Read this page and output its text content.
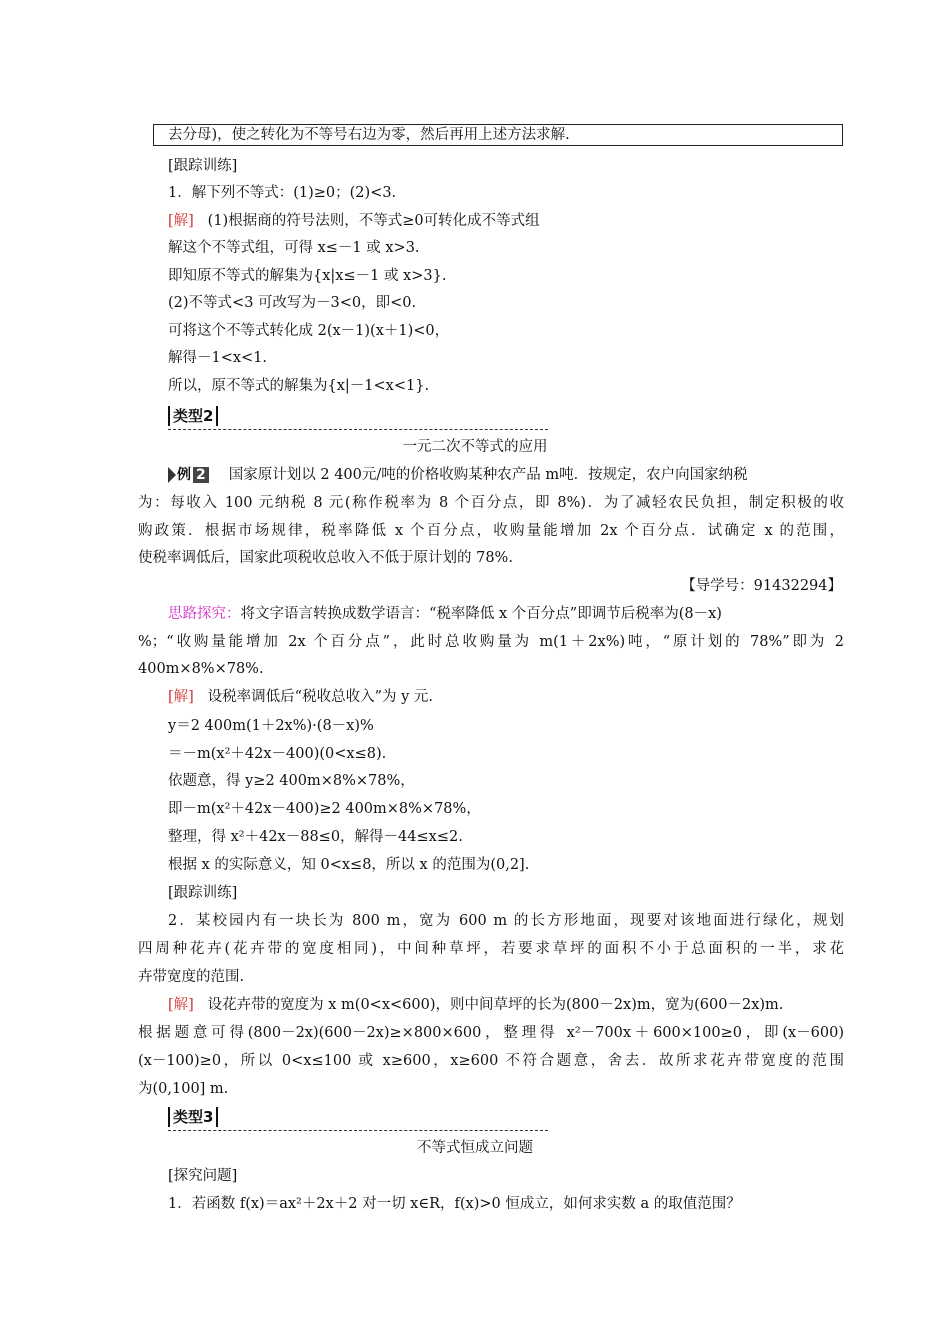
去分母)，使之转化为不等号右边为零，然后再用上述方法求解.
[跟踪训练]
1．解下列不等式：(1)≥0；(2)<3.
[解] (1)根据商的符号法则，不等式≥0可转化成不等式组
解这个不等式组，可得 x≤－1 或 x>3.
即知原不等式的解集为{x|x≤－1 或 x>3}.
(2)不等式<3 可改写为－3<0，即<0.
可将这个不等式转化成 2(x－1)(x＋1)<0，
解得－1<x<1.
所以，原不等式的解集为{x|－1<x<1}.
类型2
一元二次不等式的应用
例 2 国家原计划以 2 400元/吨的价格收购某种农产品 m吨．按规定，农户向国家纳税
为：每收入 100 元纳税 8 元(称作税率为 8 个百分点，即 8%)．为了减轻农民负担，制定积极的收
购政策．根据市场规律，税率降低 x 个百分点，收购量能增加 2x 个百分点．试确定 x 的范围，
使税率调低后，国家此项税收总收入不低于原计划的 78%.
【导学号：91432294】
思路探究：将文字语言转换成数学语言：“税率降低 x 个百分点”即调节后税率为(8－x)
%；“收购量能增加 2x 个百分点”，此时总收购量为 m(1＋2x%)吨，“原计划的 78%”即为 2
400m×8%×78%.
[解] 设税率调低后“税收总收入”为 y 元.
y＝2 400m(1＋2x%)·(8－x)%
＝－m(x²＋42x－400)(0<x≤8).
依题意，得 y≥2 400m×8%×78%，
即－m(x²＋42x－400)≥2 400m×8%×78%，
整理，得 x²＋42x－88≤0，解得－44≤x≤2.
根据 x 的实际意义，知 0<x≤8，所以 x 的范围为(0,2].
[跟踪训练]
2．某校园内有一块长为 800 m，宽为 600 m 的长方形地面，现要对该地面进行绿化，规划
四周种花卉(花卉带的宽度相同)，中间种草坪，若要求草坪的面积不小于总面积的一半，求花
卉带宽度的范围.
[解] 设花卉带的宽度为 x m(0<x<600)，则中间草坪的长为(800－2x)m，宽为(600－2x)m.
根据题意可得(800－2x)(600－2x)≥×800×600，整理得 x²－700x＋600×100≥0，即(x－600)
(x－100)≥0，所以 0<x≤100 或 x≥600，x≥600 不符合题意，舍去．故所求花卉带宽度的范围
为(0,100] m.
类型3
不等式恒成立问题
[探究问题]
1．若函数 f(x)＝ax²＋2x＋2 对一切 x∈R，f(x)>0 恒成立，如何求实数 a 的取值范围？
